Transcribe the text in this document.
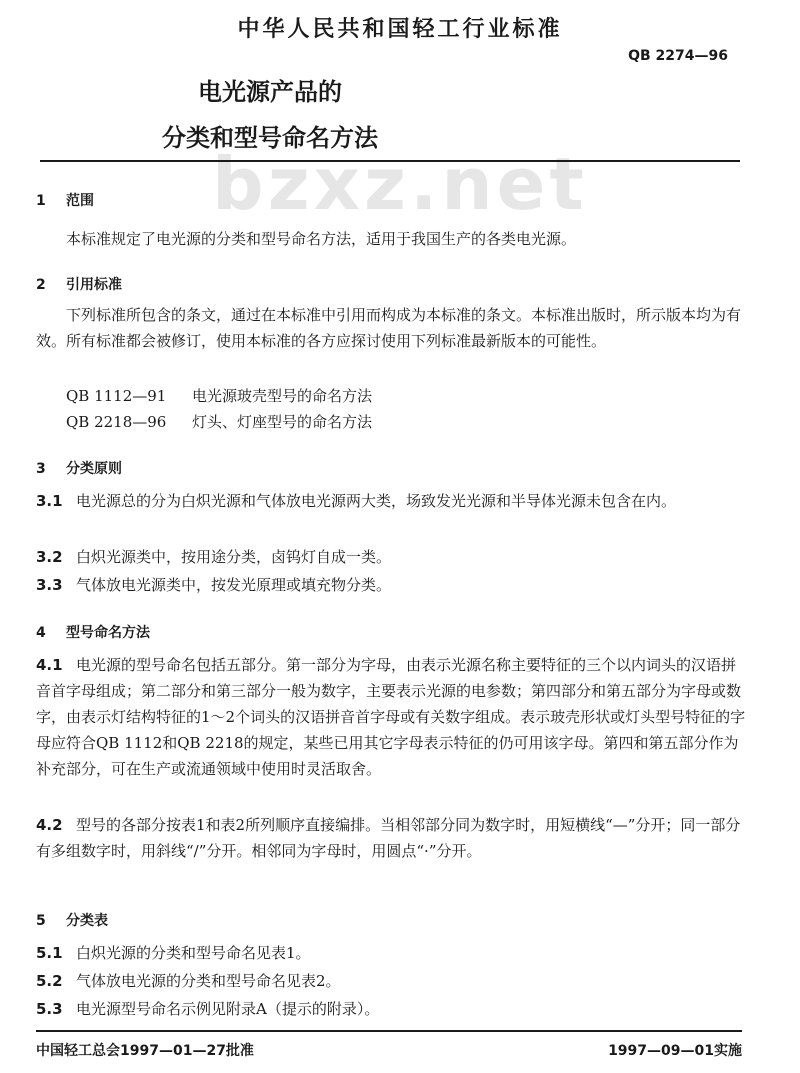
中华人民共和国轻工行业标准
QB 2274—96
电光源产品的
分类和型号命名方法
bzxz.net
1 范围
本标准规定了电光源的分类和型号命名方法，适用于我国生产的各类电光源。
2 引用标准
下列标准所包含的条文，通过在本标准中引用而构成为本标准的条文。本标准出版时，所示版本均为有效。所有标准都会被修订，使用本标准的各方应探讨使用下列标准最新版本的可能性。
QB 1112—91 电光源玻壳型号的命名方法
QB 2218—96 灯头、灯座型号的命名方法
3 分类原则
3.1 电光源总的分为白炽光源和气体放电光源两大类，场致发光光源和半导体光源未包含在内。
3.2 白炽光源类中，按用途分类，卤钨灯自成一类。
3.3 气体放电光源类中，按发光原理或填充物分类。
4 型号命名方法
4.1 电光源的型号命名包括五部分。第一部分为字母，由表示光源名称主要特征的三个以内词头的汉语拼音首字母组成；第二部分和第三部分一般为数字，主要表示光源的电参数；第四部分和第五部分为字母或数字，由表示灯结构特征的1～2个词头的汉语拼音首字母或有关数字组成。表示玻壳形状或灯头型号特征的字母应符合QB 1112和QB 2218的规定，某些已用其它字母表示特征的仍可用该字母。第四和第五部分作为补充部分，可在生产或流通领域中使用时灵活取舍。
4.2 型号的各部分按表1和表2所列顺序直接编排。当相邻部分同为数字时，用短横线“—”分开；同一部分有多组数字时，用斜线“/”分开。相邻同为字母时，用圆点“·”分开。
5 分类表
5.1 白炽光源的分类和型号命名见表1。
5.2 气体放电光源的分类和型号命名见表2。
5.3 电光源型号命名示例见附录A（提示的附录）。
中国轻工总会1997—01—27批准	1997—09—01实施
